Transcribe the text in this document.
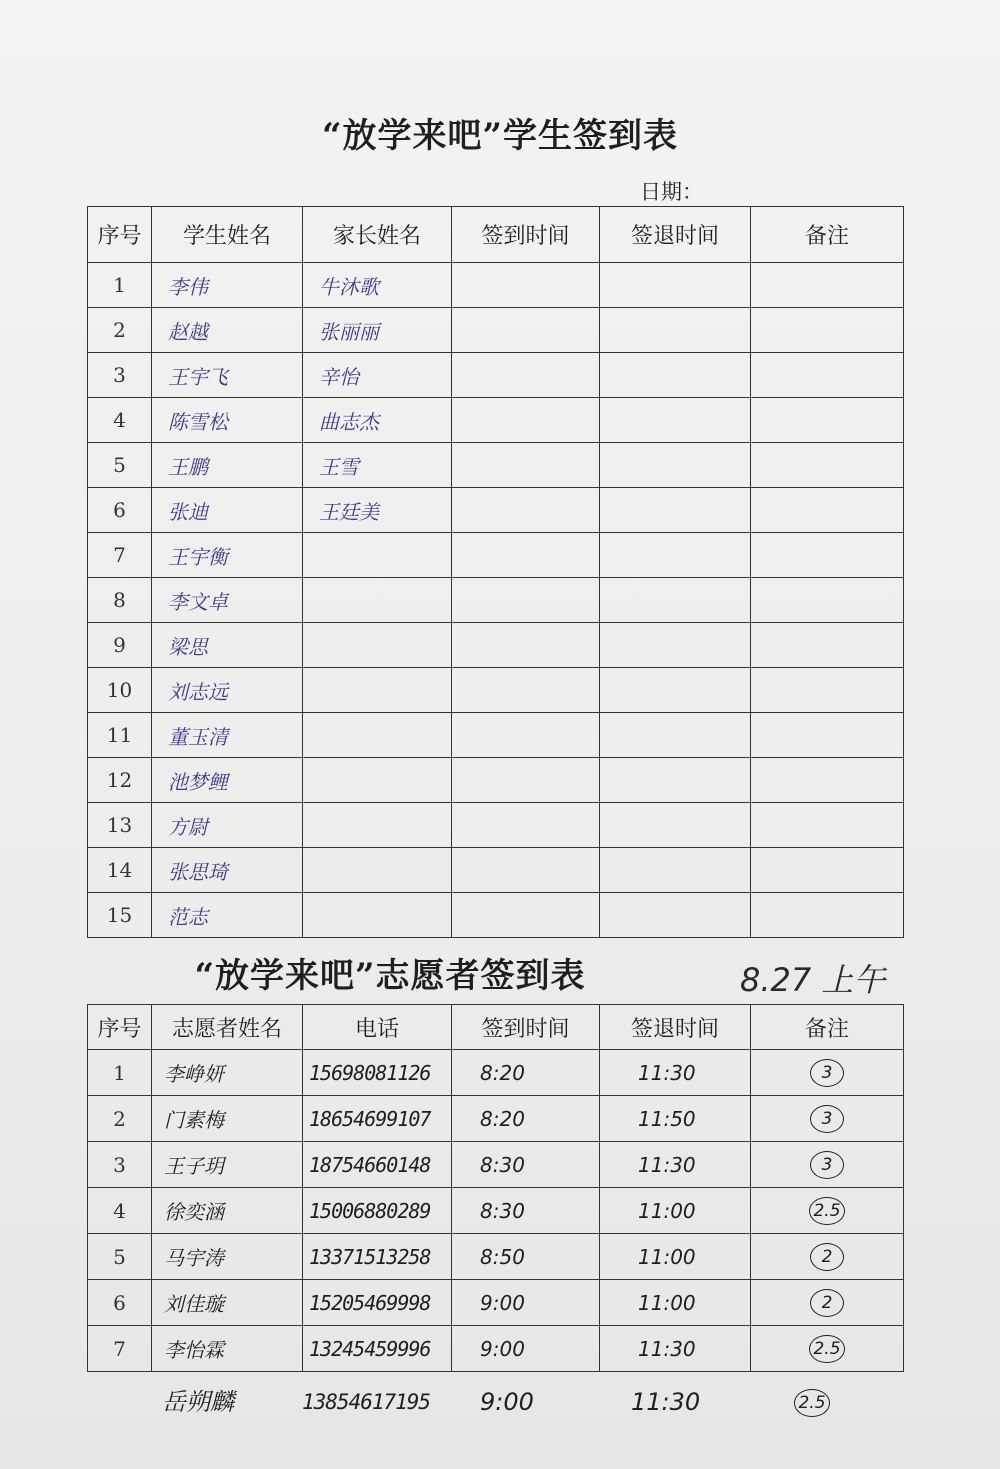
“放学来吧”学生签到表
日期：
序号	学生姓名	家长姓名	签到时间	签退时间	备注
1	李伟	牛沐歌			
2	赵越	张丽丽			
3	王宇飞	辛怡			
4	陈雪松	曲志杰			
5	王鹏	王雪			
6	张迪	王廷美			
7	王宇衡				
8	李文卓				
9	梁思				
10	刘志远				
11	董玉清				
12	池梦鲤				
13	方尉				
14	张思琦				
15	范志				
“放学来吧”志愿者签到表	8.27 上午
序号	志愿者姓名	电话	签到时间	签退时间	备注
1	李峥妍	15698081126	8:20	11:30	3
2	门素梅	18654699107	8:20	11:50	3
3	王子玥	18754660148	8:30	11:30	3
4	徐奕涵	15006880289	8:30	11:00	2.5
5	马宇涛	13371513258	8:50	11:00	2
6	刘佳璇	15205469998	9:00	11:00	2
7	李怡霖	13245459996	9:00	11:30	2.5
岳朔麟	13854617195	9:00	11:30	2.5
